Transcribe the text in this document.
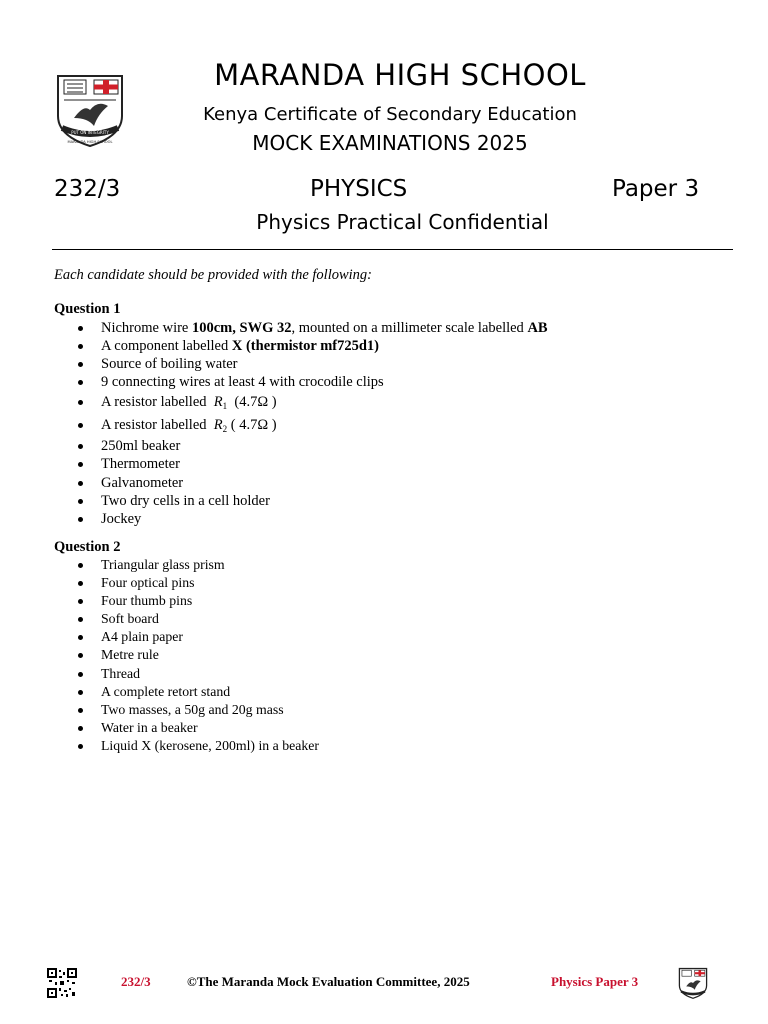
PUT ON INTEGRITY
MARANDA HIGH SCHOOL
MARANDA HIGH SCHOOL
Kenya Certificate of Secondary Education
MOCK EXAMINATIONS 2025
232/3	PHYSICS	Paper 3
Physics Practical Confidential
Each candidate should be provided with the following:
Question 1
Nichrome wire 100cm, SWG 32, mounted on a millimeter scale labelled AB
A component labelled X (thermistor mf725d1)
Source of boiling water
9 connecting wires at least 4 with crocodile clips
A resistor labelled  $R_1$ (4.7Ω )
A resistor labelled  $R_2$ ( 4.7Ω )
250ml beaker
Thermometer
Galvanometer
Two dry cells in a cell holder
Jockey
Question 2
Triangular glass prism
Four optical pins
Four thumb pins
Soft board
A4 plain paper
Metre rule
Thread
A complete retort stand
Two masses, a 50g and 20g mass
Water in a beaker
Liquid X (kerosene, 200ml) in a beaker
232/3	©The Maranda Mock Evaluation Committee, 2025	Physics Paper 3
